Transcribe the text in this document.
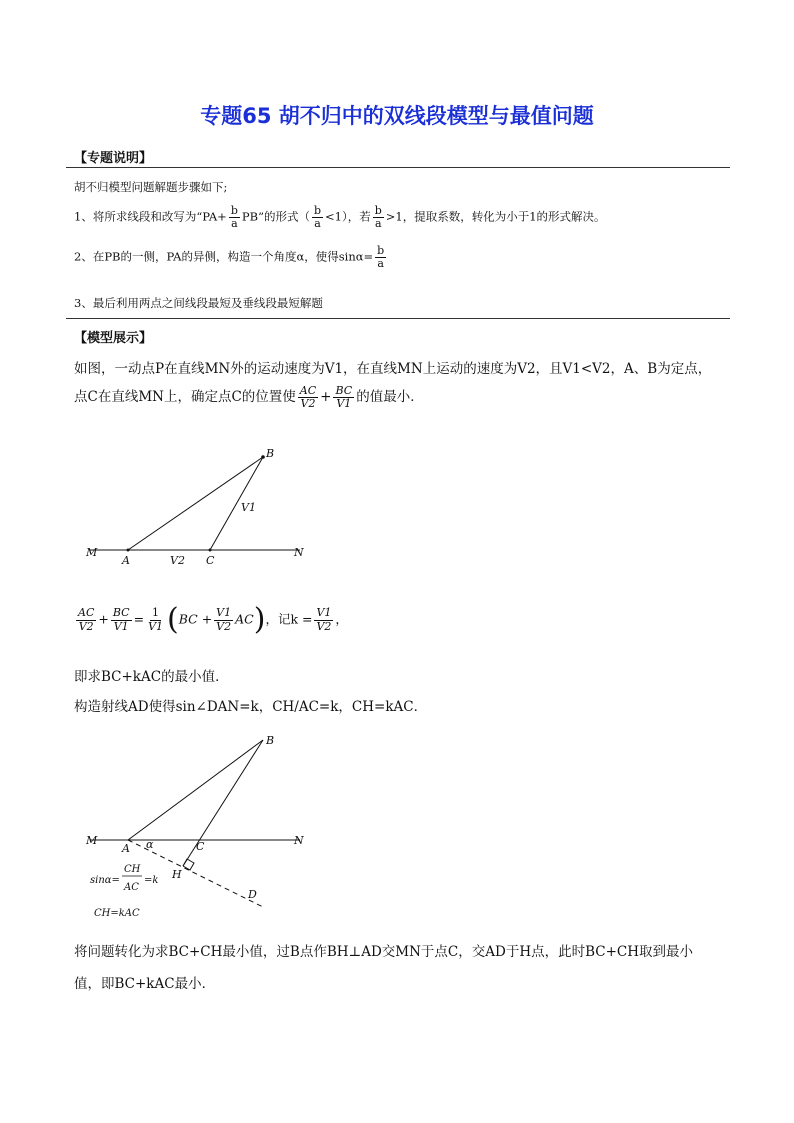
专题65 胡不归中的双线段模型与最值问题
【专题说明】
胡不归模型问题解题步骤如下;
1、将所求线段和改写为“$PA+ \frac{b}{a}$ PB”的形式（ $\frac{b}{a} <1$），若 $\frac{b}{a} >1$，提取系数，转化为小于1的形式解决。
2、在PB的一侧，PA的异侧，构造一个角度α，使得$\sin\alpha= \frac{b}{a}$
3、最后利用两点之间线段最短及垂线段最短解题
【模型展示】
如图，一动点P在直线MN外的运动速度为V1，在直线MN上运动的速度为V2，且V1<V2，A、B为定点，
点C在直线MN上，确定点C的位置使 $\frac{AC}{V2} + \frac{BC}{V1}$ 的值最小．
B
V1
M	N
A	V2 C
$\frac{AC}{V2} + \frac{BC}{V1} = \frac{1}{V1} (BC + \frac{V1}{V2} AC)$，记$k = \frac{V1}{V2}$ ，
即求BC+kAC的最小值．
构造射线AD使得sin∠DAN=k，CH/AC=k，CH=kAC．
B
M	N
A α	C
H
D
sinα=
CH
AC
=k
CH=kAC
将问题转化为求BC+CH最小值，过B点作BH⊥AD交MN于点C，交AD于H点，此时BC+CH取到最小
值，即BC+kAC最小．
